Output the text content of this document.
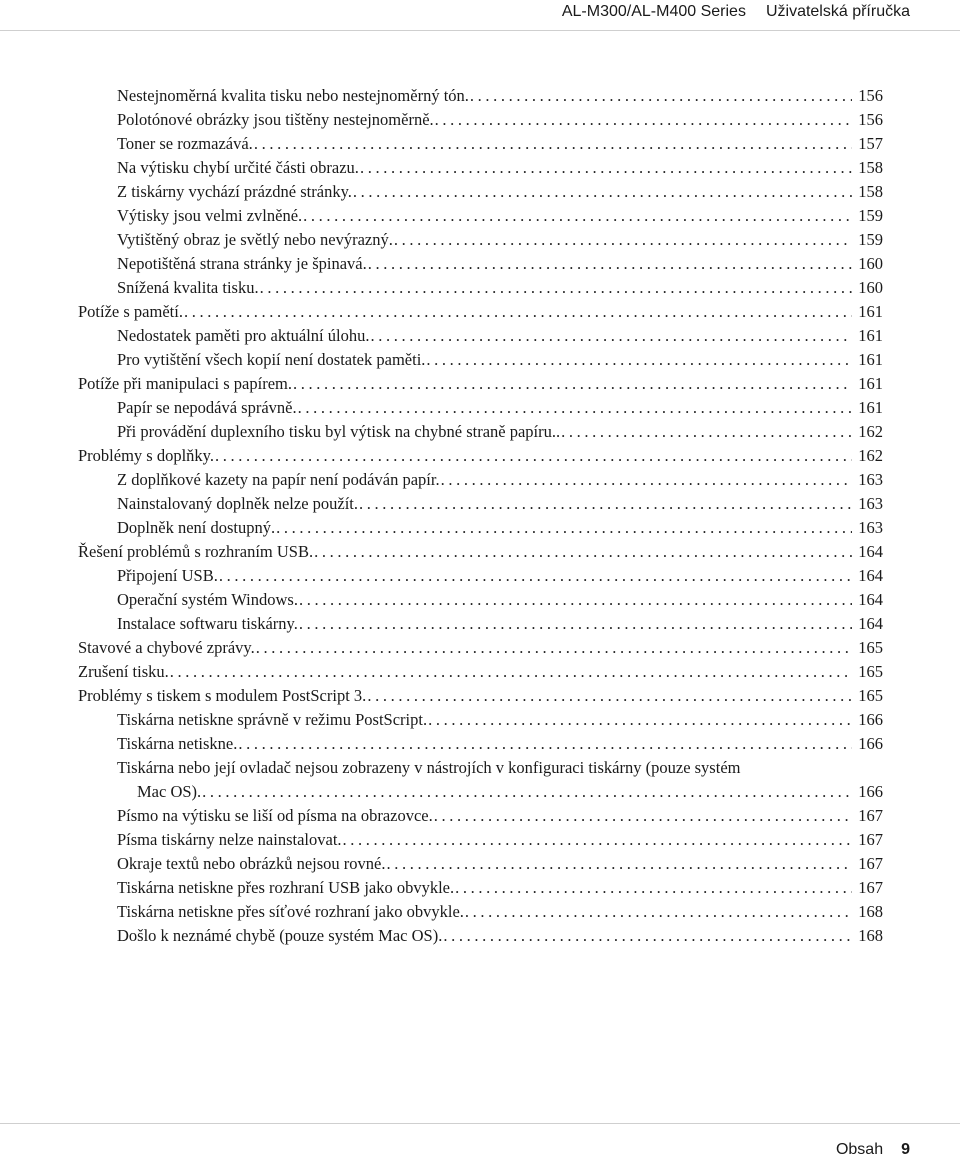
AL-M300/AL-M400 Series Uživatelská příručka
Nestejnoměrná kvalita tisku nebo nestejnoměrný tón. . . .	156
Polotónové obrázky jsou tištěny nestejnoměrně. . . .	156
Toner se rozmazává. . . .	157
Na výtisku chybí určité části obrazu. . . .	158
Z tiskárny vychází prázdné stránky. . . .	158
Výtisky jsou velmi zvlněné. . . .	159
Vytištěný obraz je světlý nebo nevýrazný. . . .	159
Nepotištěná strana stránky je špinavá. . . .	160
Snížená kvalita tisku. . . .	160
Potíže s pamětí. . . .	161
Nedostatek paměti pro aktuální úlohu. . . .	161
Pro vytištění všech kopií není dostatek paměti. . . .	161
Potíže při manipulaci s papírem. . . .	161
Papír se nepodává správně. . . .	161
Při provádění duplexního tisku byl výtisk na chybné straně papíru.. . . .	162
Problémy s doplňky. . . .	162
Z doplňkové kazety na papír není podáván papír. . . .	163
Nainstalovaný doplněk nelze použít. . . .	163
Doplněk není dostupný. . . .	163
Řešení problémů s rozhraním USB. . . .	164
Připojení USB. . . .	164
Operační systém Windows. . . .	164
Instalace softwaru tiskárny. . . .	164
Stavové a chybové zprávy. . . .	165
Zrušení tisku. . . .	165
Problémy s tiskem s modulem PostScript 3. . . .	165
Tiskárna netiskne správně v režimu PostScript. . . .	166
Tiskárna netiskne. . . .	166
Tiskárna nebo její ovladač nejsou zobrazeny v nástrojích v konfiguraci tiskárny (pouze systém
Mac OS). . . .	166
Písmo na výtisku se liší od písma na obrazovce. . . .	167
Písma tiskárny nelze nainstalovat. . . .	167
Okraje textů nebo obrázků nejsou rovné. . . .	167
Tiskárna netiskne přes rozhraní USB jako obvykle. . . .	167
Tiskárna netiskne přes síťové rozhraní jako obvykle. . . .	168
Došlo k neznámé chybě (pouze systém Mac OS). . . .	168
Obsah 9
